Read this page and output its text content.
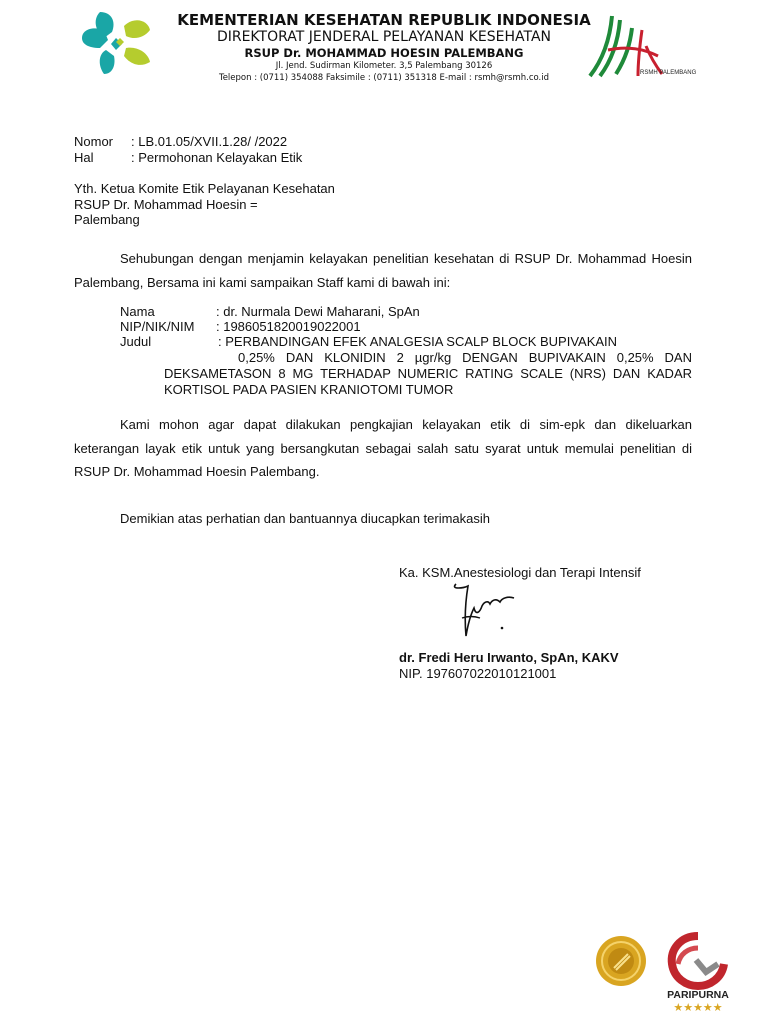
RSMH PALEMBANG
KEMENTERIAN KESEHATAN REPUBLIK INDONESIA
DIREKTORAT JENDERAL PELAYANAN KESEHATAN
RSUP Dr. MOHAMMAD HOESIN PALEMBANG
Jl. Jend. Sudirman Kilometer. 3,5 Palembang 30126
Telepon : (0711) 354088 Faksimile : (0711) 351318 E-mail : rsmh@rsmh.co.id
Nomor : LB.01.05/XVII.1.28/ /2022
Hal	: Permohonan Kelayakan Etik
Yth. Ketua Komite Etik Pelayanan Kesehatan
RSUP Dr. Mohammad Hoesin =
Palembang
Sehubungan dengan menjamin kelayakan penelitian kesehatan di RSUP Dr. Mohammad Hoesin Palembang, Bersama ini kami sampaikan Staff kami di bawah ini:
Nama	: dr. Nurmala Dewi Maharani, SpAn
NIP/NIK/NIM : 1986051820019022001
Judul	: PERBANDINGAN EFEK ANALGESIA SCALP BLOCK BUPIVAKAIN
0,25% DAN KLONIDIN 2 µgr/kg DENGAN BUPIVAKAIN 0,25% DAN DEKSAMETASON 8 MG TERHADAP NUMERIC RATING SCALE (NRS) DAN KADAR KORTISOL PADA PASIEN KRANIOTOMI TUMOR
Kami mohon agar dapat dilakukan pengkajian kelayakan etik di sim-epk dan dikeluarkan keterangan layak etik untuk yang bersangkutan sebagai salah satu syarat untuk memulai penelitian di RSUP Dr. Mohammad Hoesin Palembang.
Demikian atas perhatian dan bantuannya diucapkan terimakasih
Ka. KSM.Anestesiologi dan Terapi Intensif
dr. Fredi Heru Irwanto, SpAn, KAKV
NIP. 197607022010121001
PARIPURNA
★★★★★
